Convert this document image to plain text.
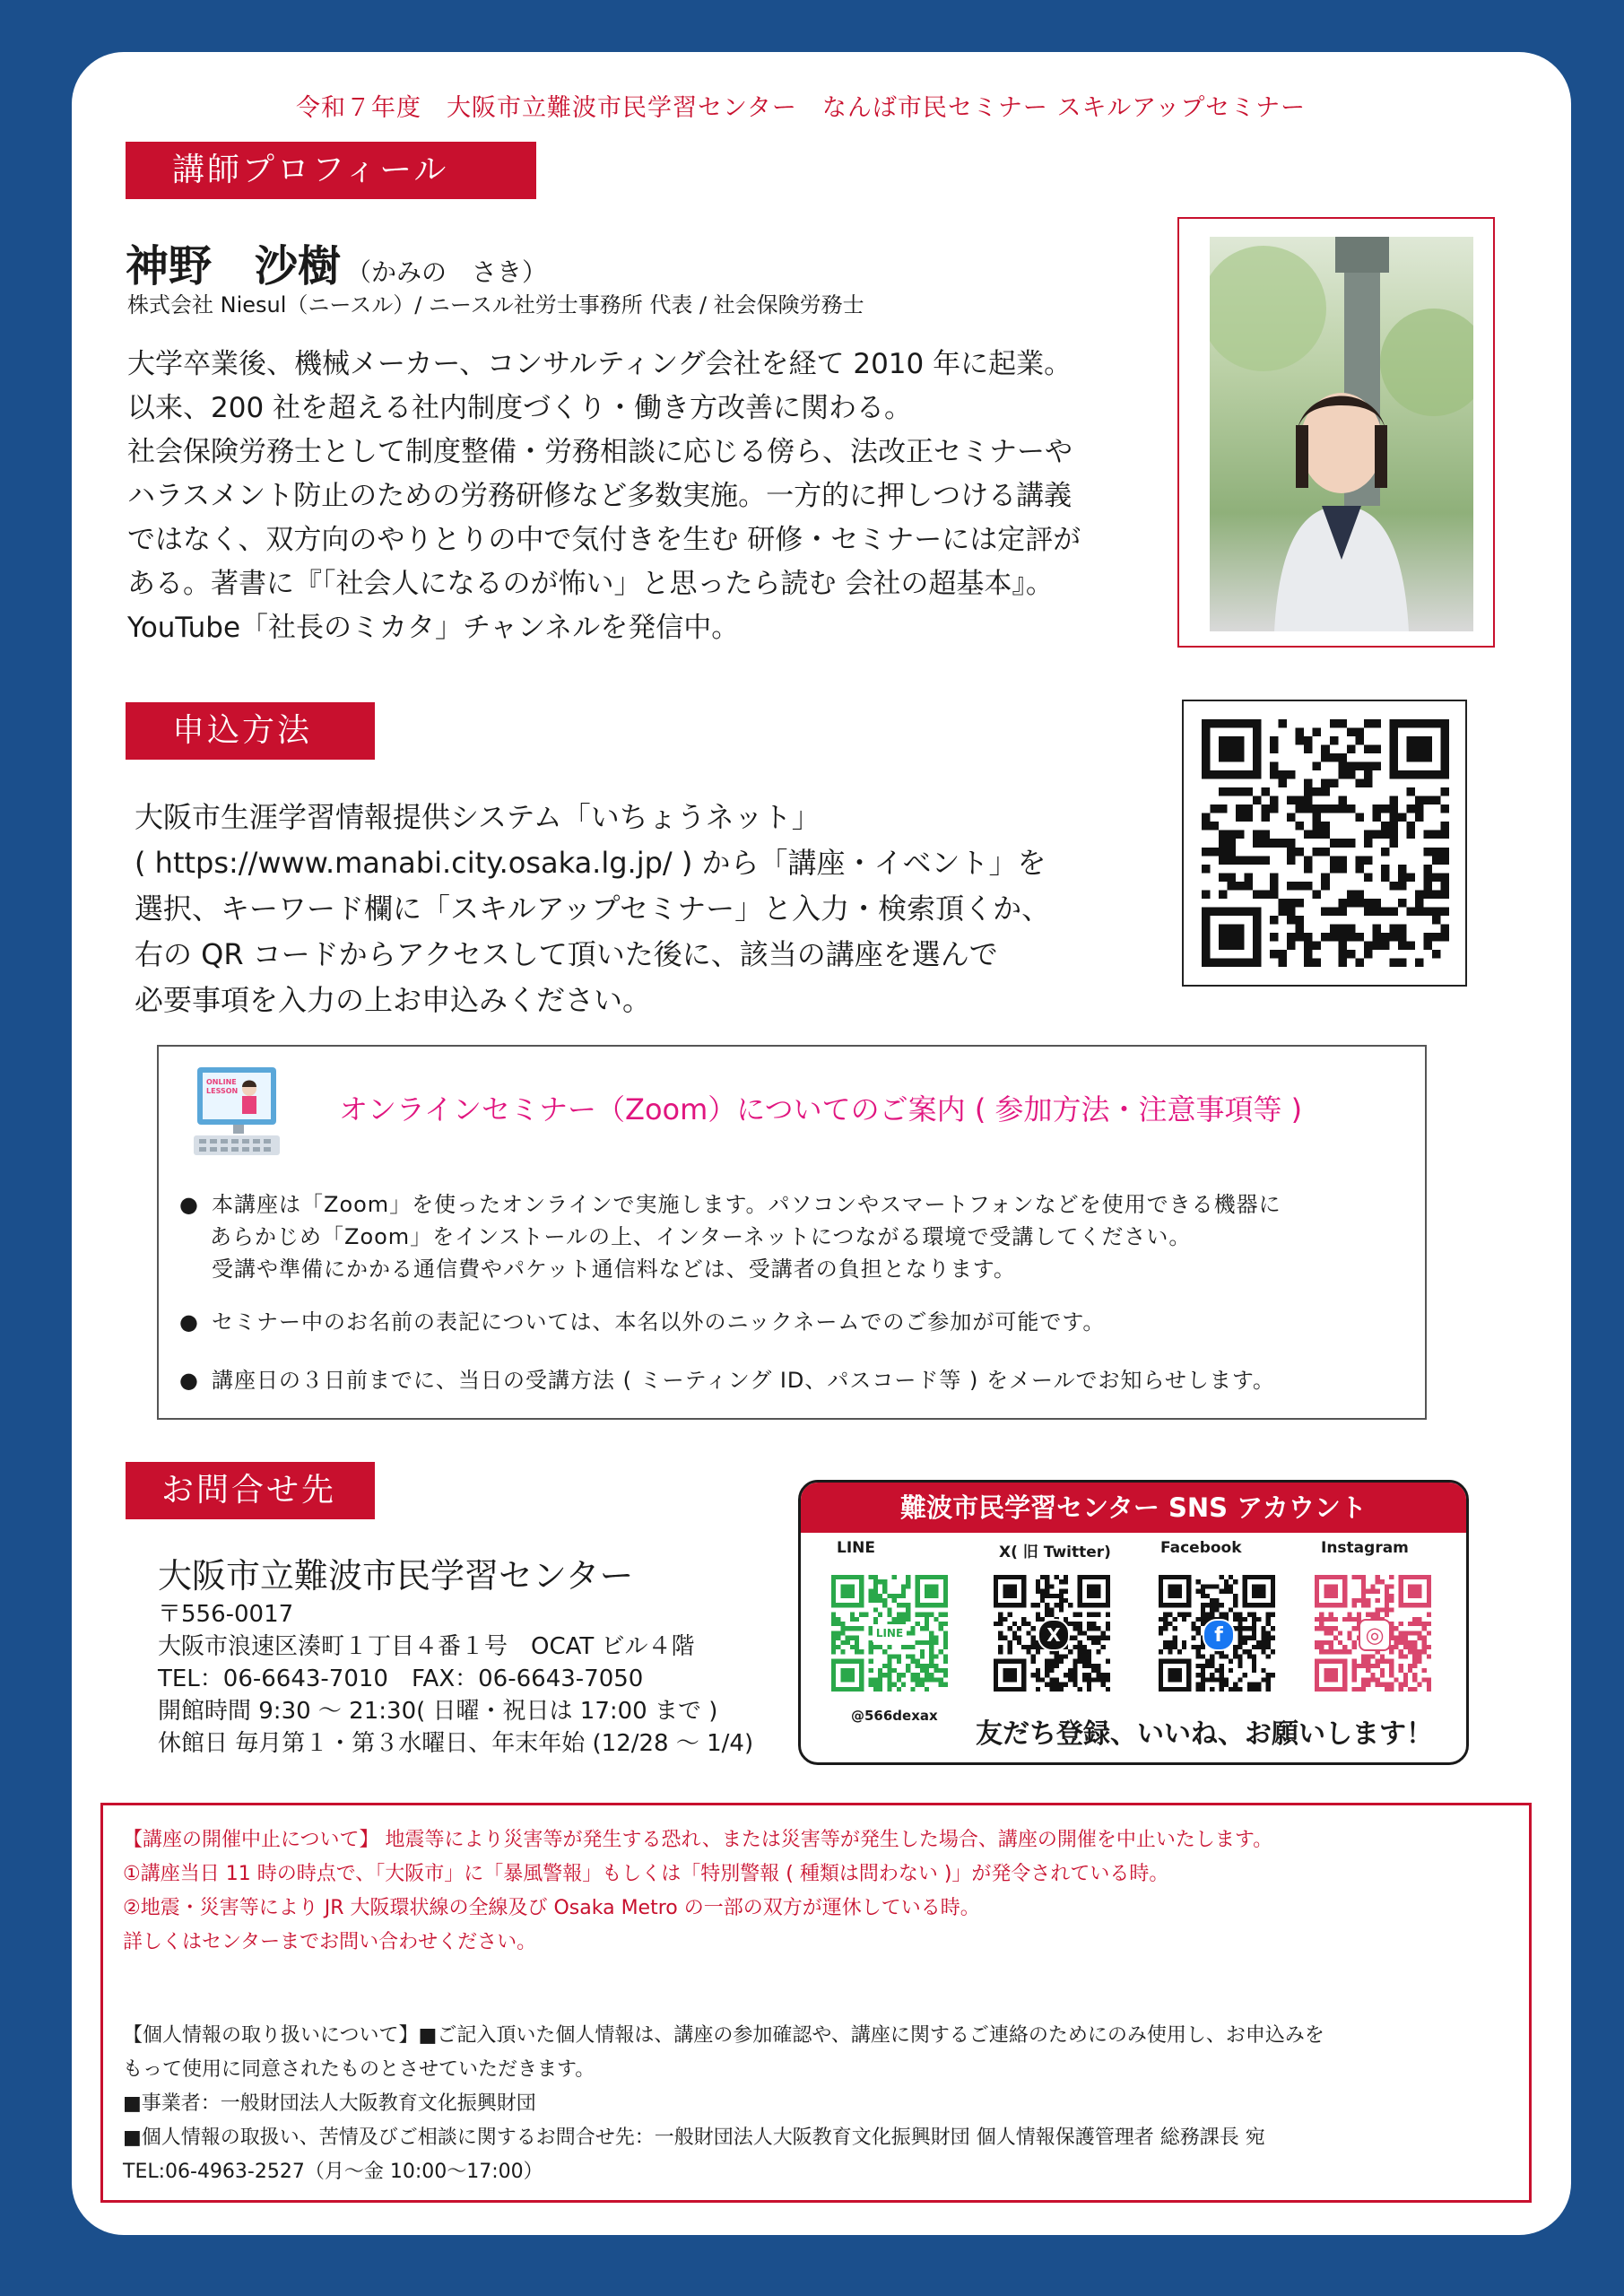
令和７年度　大阪市立難波市民学習センター　なんば市民セミナー スキルアップセミナー
講師プロフィール
神野　沙樹 （かみの　さき）
株式会社 Niesul（ニースル）/ ニースル社労士事務所 代表 / 社会保険労務士

大学卒業後、機械メーカー、コンサルティング会社を経て 2010 年に起業。

以来、200 社を超える社内制度づくり・働き方改善に関わる。

社会保険労務士として制度整備・労務相談に応じる傍ら、法改正セミナーや

ハラスメント防止のための労務研修など多数実施。一方的に押しつける講義

ではなく、双方向のやりとりの中で気付きを生む 研修・セミナーには定評が

ある。著書に『「社会人になるのが怖い」と思ったら読む 会社の超基本』。

YouTube「社長のミカタ」チャンネルを発信中。

申込方法

大阪市生涯学習情報提供システム「いちょうネット」

( https://www.manabi.city.osaka.lg.jp/ ) から「講座・イベント」を

選択、キーワード欄に「スキルアップセミナー」と入力・検索頂くか、

右の QR コードからアクセスして頂いた後に、該当の講座を選んで

必要事項を入力の上お申込みください。

ONLINE
LESSON
オンラインセミナー（Zoom）についてのご案内 ( 参加方法・注意事項等 )
● 本講座は「Zoom」を使ったオンラインで実施します。パソコンやスマートフォンなどを使用できる機器に
あらかじめ「Zoom」をインストールの上、インターネットにつながる環境で受講してください。
受講や準備にかかる通信費やパケット通信料などは、受講者の負担となります。
● セミナー中のお名前の表記については、本名以外のニックネームでのご参加が可能です。
● 講座日の３日前までに、当日の受講方法 ( ミーティング ID、パスコード等 ) をメールでお知らせします。
お問合せ先
大阪市立難波市民学習センター
〒556-0017
大阪市浪速区湊町１丁目４番１号　OCAT ビル４階
TEL：06-6643-7010　FAX：06-6643-7050
開館時間 9:30 ～ 21:30( 日曜・祝日は 17:00 まで )
休館日 毎月第１・第３水曜日、年末年始 (12/28 ～ 1/4)
難波市民学習センター SNS アカウント
LINE	X( 旧 Twitter)	Facebook	Instagram
LINE	X	f	◎
@566dexax
友だち登録、いいね、お願いします！
【講座の開催中止について】 地震等により災害等が発生する恐れ、または災害等が発生した場合、講座の開催を中止いたします。
①講座当日 11 時の時点で、「大阪市」に「暴風警報」もしくは「特別警報 ( 種類は問わない )」が発令されている時。
②地震・災害等により JR 大阪環状線の全線及び Osaka Metro の一部の双方が運休している時。
詳しくはセンターまでお問い合わせください。
【個人情報の取り扱いについて】■ご記入頂いた個人情報は、講座の参加確認や、講座に関するご連絡のためにのみ使用し、お申込みを
もって使用に同意されたものとさせていただきます。
■事業者：一般財団法人大阪教育文化振興財団
■個人情報の取扱い、苦情及びご相談に関するお問合せ先：一般財団法人大阪教育文化振興財団 個人情報保護管理者 総務課長 宛
TEL:06-4963-2527（月～金 10:00～17:00）
